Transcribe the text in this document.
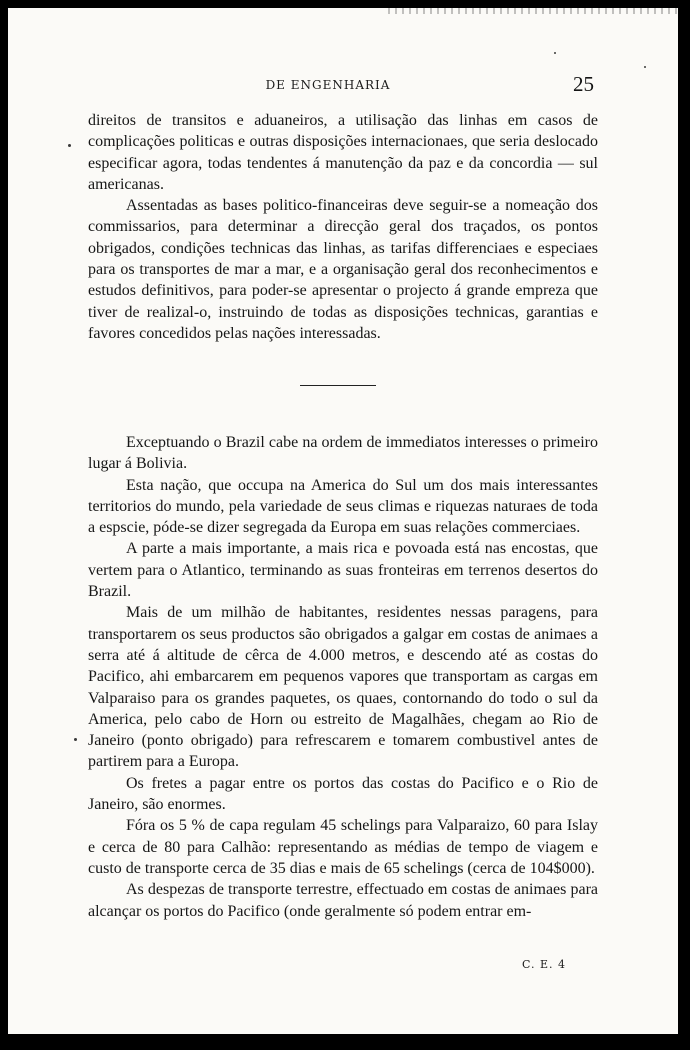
DE ENGENHARIA	25

direitos de transitos e aduaneiros, a utilisação das linhas em casos de complicações politicas e outras disposições internacionaes, que seria deslocado especificar agora, todas tendentes á manutenção da paz e da concordia — sul americanas.

Assentadas as bases politico-financeiras deve seguir-se a nomeação dos commissarios, para determinar a direcção geral dos traçados, os pontos obrigados, condições technicas das linhas, as tarifas differenciaes e especiaes para os transportes de mar a mar, e a organisação geral dos reconhecimentos e estudos definitivos, para poder-se apresentar o projecto á grande empreza que tiver de realizal-o, instruindo de todas as disposições technicas, garantias e favores concedidos pelas nações interessadas.

Exceptuando o Brazil cabe na ordem de immediatos interesses o primeiro lugar á Bolivia.

Esta nação, que occupa na America do Sul um dos mais interessantes territorios do mundo, pela variedade de seus climas e riquezas naturaes de toda a espscie, póde-se dizer segregada da Europa em suas relações commerciaes.

A parte a mais importante, a mais rica e povoada está nas encostas, que vertem para o Atlantico, terminando as suas fronteiras em terrenos desertos do Brazil.

Mais de um milhão de habitantes, residentes nessas paragens, para transportarem os seus productos são obrigados a galgar em costas de animaes a serra até á altitude de cêrca de 4.000 metros, e descendo até as costas do Pacifico, ahi embarcarem em pequenos vapores que transportam as cargas em Valparaiso para os grandes paquetes, os quaes, contornando do todo o sul da America, pelo cabo de Horn ou estreito de Magalhães, chegam ao Rio de Janeiro (ponto obrigado) para refrescarem e tomarem combustivel antes de partirem para a Europa.

Os fretes a pagar entre os portos das costas do Pacifico e o Rio de Janeiro, são enormes.

Fóra os 5 % de capa regulam 45 schelings para Valparaizo, 60 para Islay e cerca de 80 para Calhão: representando as médias de tempo de viagem e custo de transporte cerca de 35 dias e mais de 65 schelings (cerca de 104$000).

As despezas de transporte terrestre, effectuado em costas de animaes para alcançar os portos do Pacifico (onde geralmente só podem entrar em-

C. E. 4
